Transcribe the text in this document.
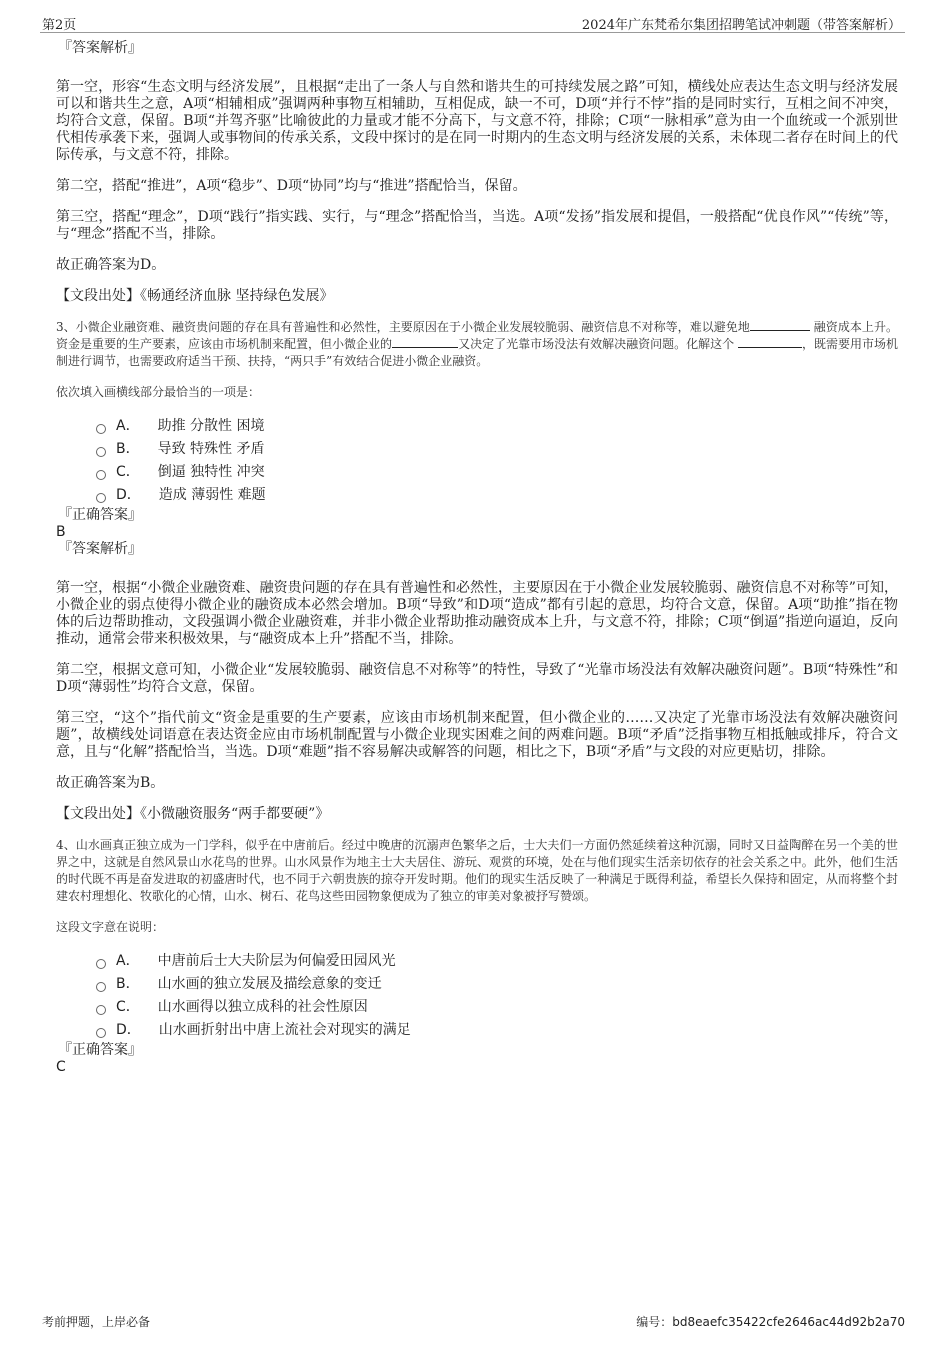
第2页	2024年广东梵希尔集团招聘笔试冲刺题（带答案解析）
『答案解析』

第一空，形容“生态文明与经济发展”，且根据“走出了一条人与自然和谐共生的可持续发展之路”可知，横线处应表达生态文明与经济发展可以和谐共生之意，A项“相辅相成”强调两种事物互相辅助，互相促成，缺一不可，D项“并行不悖”指的是同时实行，互相之间不冲突，均符合文意，保留。B项“并驾齐驱”比喻彼此的力量或才能不分高下，与文意不符，排除；C项“一脉相承”意为由一个血统或一个派别世代相传承袭下来，强调人或事物间的传承关系，文段中探讨的是在同一时期内的生态文明与经济发展的关系，未体现二者存在时间上的代际传承，与文意不符，排除。

第二空，搭配“推进”，A项“稳步”、D项“协同”均与“推进”搭配恰当，保留。

第三空，搭配“理念”，D项“践行”指实践、实行，与“理念”搭配恰当，当选。A项“发扬”指发展和提倡，一般搭配“优良作风”“传统”等，与“理念”搭配不当，排除。

故正确答案为D。

【文段出处】《畅通经济血脉 坚持绿色发展》

3、小微企业融资难、融资贵问题的存在具有普遍性和必然性，主要原因在于小微企业发展较脆弱、融资信息不对称等，难以避免地	融资成本上升。资金是重要的生产要素，应该由市场机制来配置，但小微企业的	又决定了光靠市场没法有效解决融资问题。化解这个	，既需要用市场机制进行调节，也需要政府适当干预、扶持，“两只手”有效结合促进小微企业融资。

依次填入画横线部分最恰当的一项是：

A． 助推 分散性 困境
B． 导致 特殊性 矛盾
C． 倒逼 独特性 冲突
D． 造成 薄弱性 难题
『正确答案』
B
『答案解析』

第一空，根据“小微企业融资难、融资贵问题的存在具有普遍性和必然性，主要原因在于小微企业发展较脆弱、融资信息不对称等”可知，小微企业的弱点使得小微企业的融资成本必然会增加。B项“导致”和D项“造成”都有引起的意思，均符合文意，保留。A项“助推”指在物体的后边帮助推动，文段强调小微企业融资难，并非小微企业帮助推动融资成本上升，与文意不符，排除；C项“倒逼”指逆向逼迫，反向推动，通常会带来积极效果，与“融资成本上升”搭配不当，排除。

第二空，根据文意可知，小微企业“发展较脆弱、融资信息不对称等”的特性，导致了“光靠市场没法有效解决融资问题”。B项“特殊性”和D项“薄弱性”均符合文意，保留。

第三空，“这个”指代前文“资金是重要的生产要素，应该由市场机制来配置，但小微企业的……又决定了光靠市场没法有效解决融资问题”，故横线处词语意在表达资金应由市场机制配置与小微企业现实困难之间的两难问题。B项“矛盾”泛指事物互相抵触或排斥，符合文意，且与“化解”搭配恰当，当选。D项“难题”指不容易解决或解答的问题，相比之下，B项“矛盾”与文段的对应更贴切，排除。

故正确答案为B。

【文段出处】《小微融资服务“两手都要硬”》

4、山水画真正独立成为一门学科，似乎在中唐前后。经过中晚唐的沉溺声色繁华之后，士大夫们一方面仍然延续着这种沉溺，同时又日益陶醉在另一个美的世界之中，这就是自然风景山水花鸟的世界。山水风景作为地主士大夫居住、游玩、观赏的环境，处在与他们现实生活亲切依存的社会关系之中。此外，他们生活的时代既不再是奋发进取的初盛唐时代，也不同于六朝贵族的掠夺开发时期。他们的现实生活反映了一种满足于既得利益，希望长久保持和固定，从而将整个封建农村理想化、牧歌化的心情，山水、树石、花鸟这些田园物象便成为了独立的审美对象被抒写赞颂。

这段文字意在说明：

A． 中唐前后士大夫阶层为何偏爱田园风光
B． 山水画的独立发展及描绘意象的变迁
C． 山水画得以独立成科的社会性原因
D． 山水画折射出中唐上流社会对现实的满足
『正确答案』
C
考前押题，上岸必备	编号：bd8eaefc35422cfe2646ac44d92b2a70
